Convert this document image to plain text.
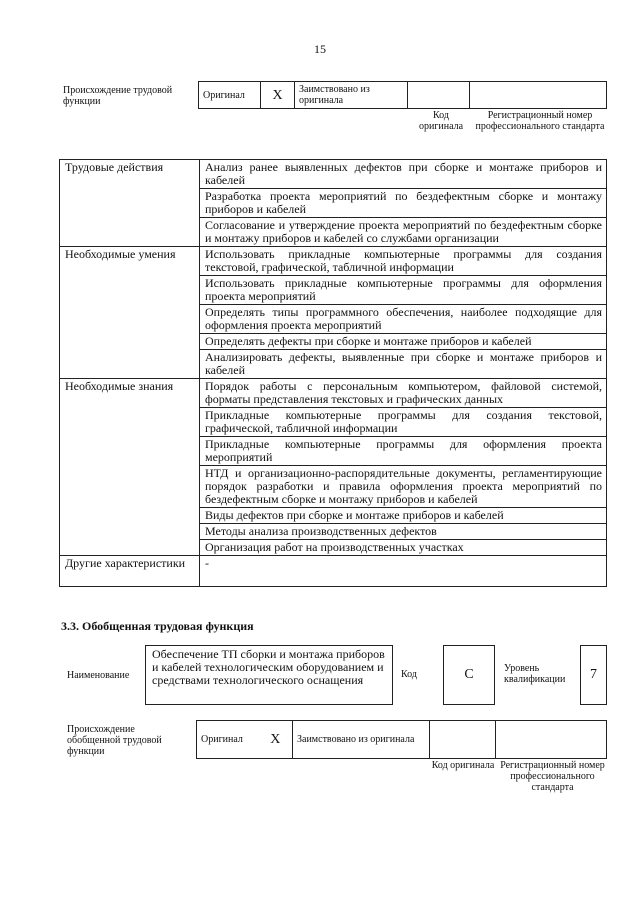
15
Происхождение трудовой функции
Оригинал	X	Заимствовано из оригинала		
Код оригинала
Регистрационный номер профессионального стандарта
Трудовые действия	Анализ ранее выявленных дефектов при сборке и монтаже приборов и кабелей
	Разработка проекта мероприятий по бездефектным сборке и монтажу приборов и кабелей
	Согласование и утверждение проекта мероприятий по бездефектным сборке и монтажу приборов и кабелей со службами организации
Необходимые умения	Использовать прикладные компьютерные программы для создания текстовой, графической, табличной информации
	Использовать прикладные компьютерные программы для оформления проекта мероприятий
	Определять типы программного обеспечения, наиболее подходящие для оформления проекта мероприятий
	Определять дефекты при сборке и монтаже приборов и кабелей
	Анализировать дефекты, выявленные при сборке и монтаже приборов и кабелей
Необходимые знания	Порядок работы с персональным компьютером, файловой системой, форматы представления текстовых и графических данных
	Прикладные компьютерные программы для создания текстовой, графической, табличной информации
	Прикладные компьютерные программы для оформления проекта мероприятий
	НТД и организационно-распорядительные документы, регламентирующие порядок разработки и правила оформления проекта мероприятий по бездефектным сборке и монтажу приборов и кабелей
	Виды дефектов при сборке и монтаже приборов и кабелей
	Методы анализа производственных дефектов
	Организация работ на производственных участках
Другие характеристики	-
3.3. Обобщенная трудовая функция
Наименование
Обеспечение ТП сборки и монтажа приборов и кабелей технологическим оборудованием и средствами технологического оснащения	Код	C	Уровень квалификации	7
Происхождение обобщенной трудовой функции
Оригинал	X	Заимствовано из оригинала		
Код оригинала Регистрационный номер профессионального стандарта
